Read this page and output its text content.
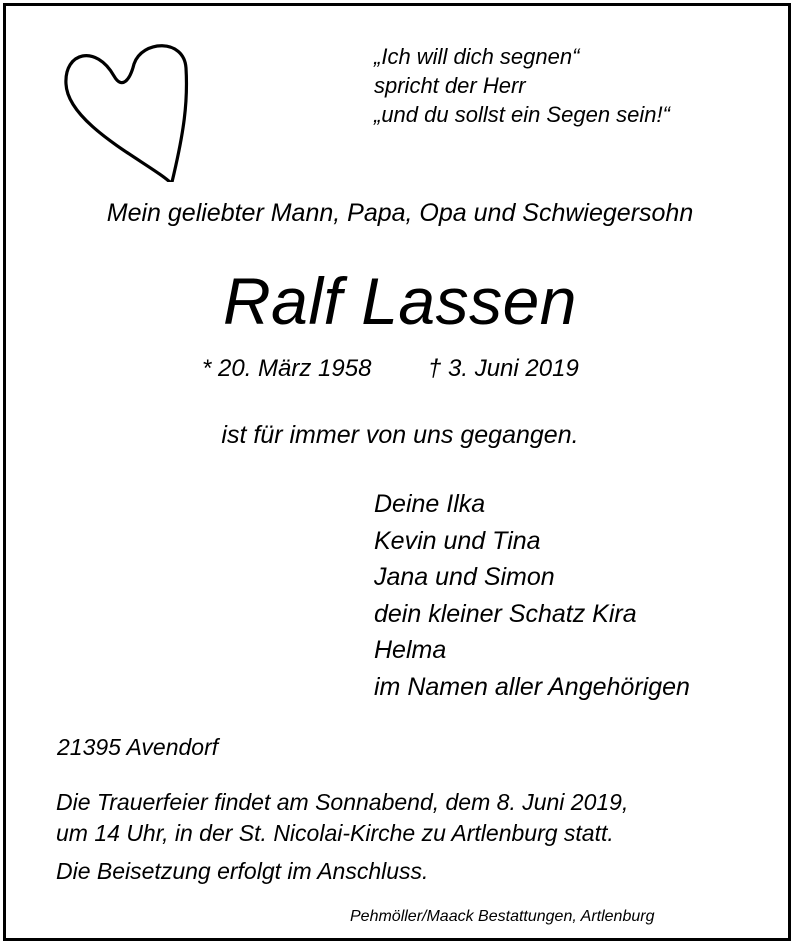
„Ich will dich segnen“
spricht der Herr
„und du sollst ein Segen sein!“
Mein geliebter Mann, Papa, Opa und Schwiegersohn
Ralf Lassen
* 20. März 1958 † 3. Juni 2019
ist für immer von uns gegangen.
Deine Ilka
Kevin und Tina
Jana und Simon
dein kleiner Schatz Kira
Helma
im Namen aller Angehörigen
21395 Avendorf
Die Trauerfeier findet am Sonnabend, dem 8. Juni 2019,
um 14 Uhr, in der St. Nicolai-Kirche zu Artlenburg statt.
Die Beisetzung erfolgt im Anschluss.
Pehmöller/Maack Bestattungen, Artlenburg
